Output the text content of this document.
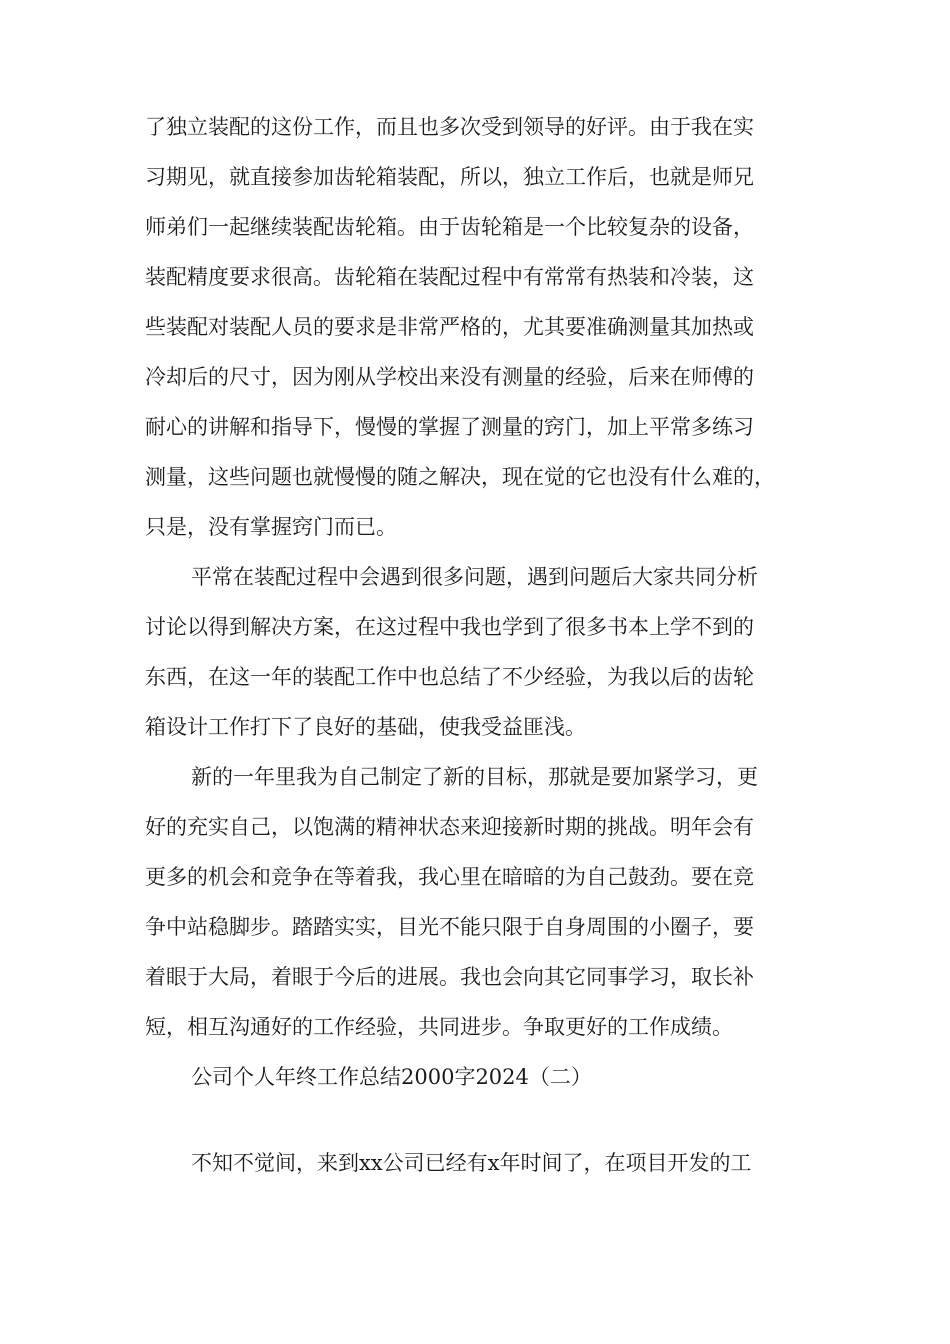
了独立装配的这份工作，而且也多次受到领导的好评。由于我在实
习期见，就直接参加齿轮箱装配，所以，独立工作后，也就是师兄
师弟们一起继续装配齿轮箱。由于齿轮箱是一个比较复杂的设备，
装配精度要求很高。齿轮箱在装配过程中有常常有热装和冷装，这
些装配对装配人员的要求是非常严格的，尤其要准确测量其加热或
冷却后的尺寸，因为刚从学校出来没有测量的经验，后来在师傅的
耐心的讲解和指导下，慢慢的掌握了测量的窍门，加上平常多练习
测量，这些问题也就慢慢的随之解决，现在觉的它也没有什么难的，
只是，没有掌握窍门而已。
平常在装配过程中会遇到很多问题，遇到问题后大家共同分析
讨论以得到解决方案，在这过程中我也学到了很多书本上学不到的
东西，在这一年的装配工作中也总结了不少经验，为我以后的齿轮
箱设计工作打下了良好的基础，使我受益匪浅。
新的一年里我为自己制定了新的目标，那就是要加紧学习，更
好的充实自己，以饱满的精神状态来迎接新时期的挑战。明年会有
更多的机会和竞争在等着我，我心里在暗暗的为自己鼓劲。要在竞
争中站稳脚步。踏踏实实，目光不能只限于自身周围的小圈子，要
着眼于大局，着眼于今后的进展。我也会向其它同事学习，取长补
短，相互沟通好的工作经验，共同进步。争取更好的工作成绩。
公司个人年终工作总结2000字2024（二）
不知不觉间，来到xx公司已经有x年时间了，在项目开发的工
